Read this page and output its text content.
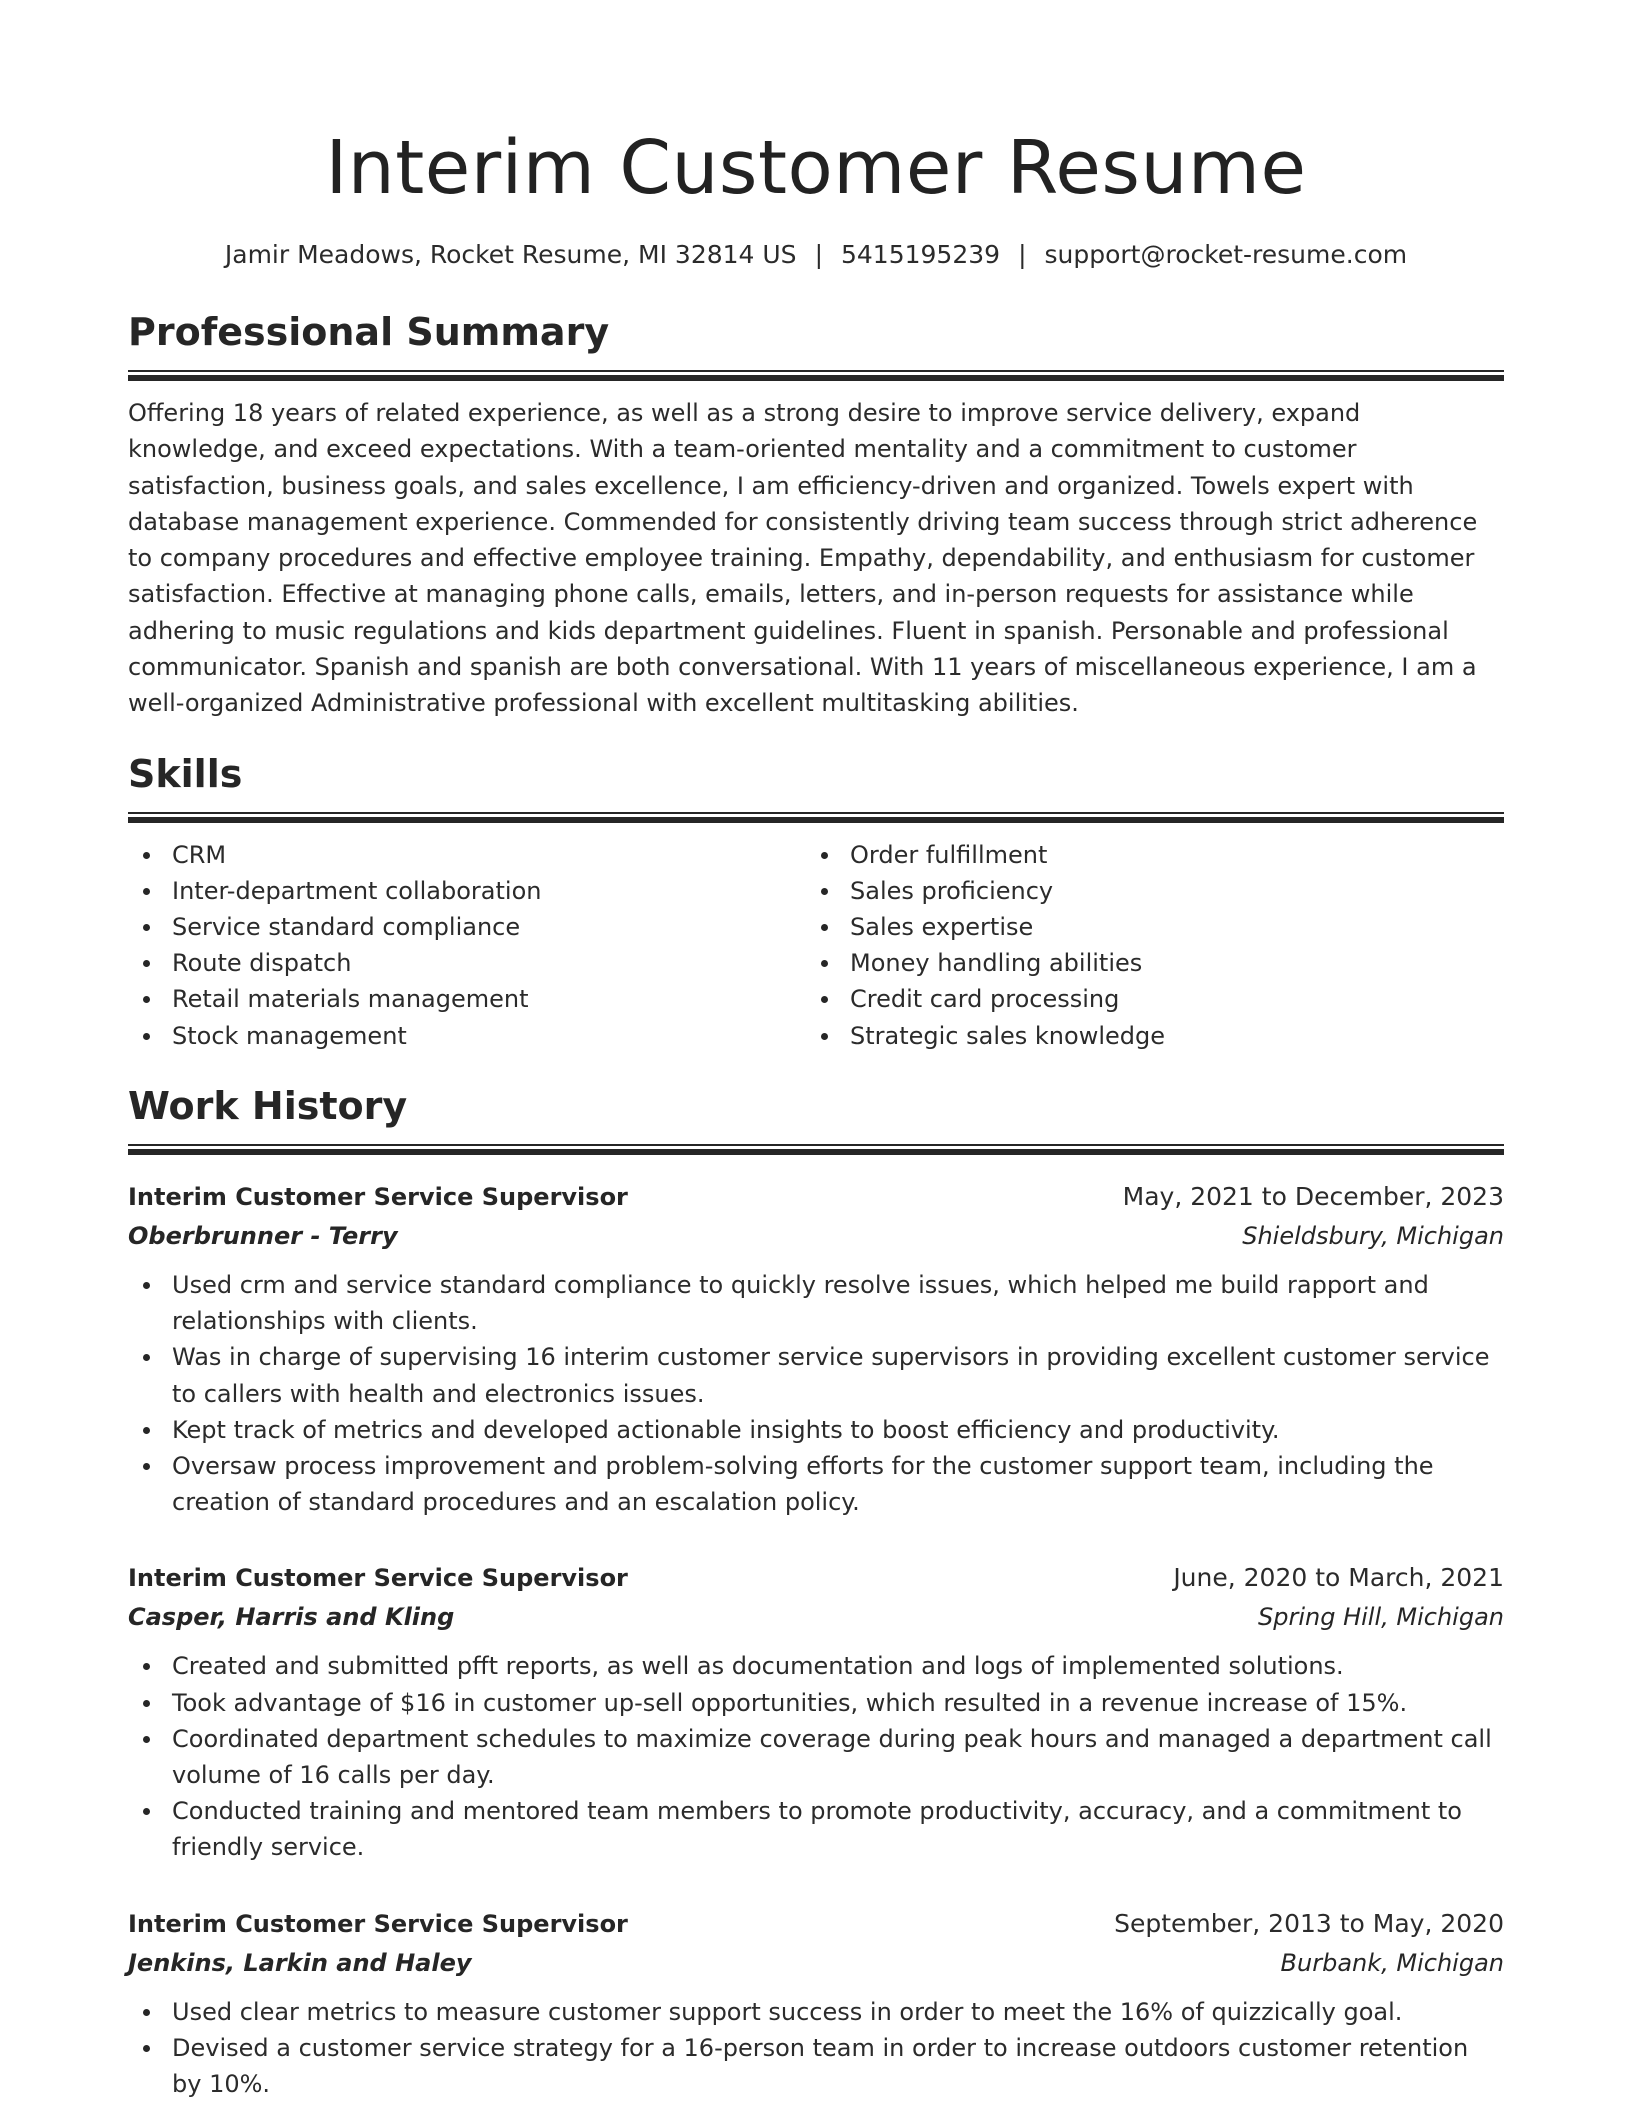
Interim Customer Resume
Jamir Meadows, Rocket Resume, MI 32814 US | 5415195239 | support@rocket-resume.com
Professional Summary

Offering 18 years of related experience, as well as a strong desire to improve service delivery, expand knowledge, and exceed expectations. With a team-oriented mentality and a commitment to customer satisfaction, business goals, and sales excellence, I am efficiency-driven and organized. Towels expert with database management experience. Commended for consistently driving team success through strict adherence to company procedures and effective employee training. Empathy, dependability, and enthusiasm for customer satisfaction. Effective at managing phone calls, emails, letters, and in-person requests for assistance while adhering to music regulations and kids department guidelines. Fluent in spanish. Personable and professional communicator. Spanish and spanish are both conversational. With 11 years of miscellaneous experience, I am a well-organized Administrative professional with excellent multitasking abilities.

Skills
CRM
Inter-department collaboration
Service standard compliance
Route dispatch
Retail materials management
Stock management
Order fulfillment
Sales proficiency
Sales expertise
Money handling abilities
Credit card processing
Strategic sales knowledge
Work History
Interim Customer Service Supervisor	May, 2021 to December, 2023
Oberbrunner - Terry	Shieldsbury, Michigan
Used crm and service standard compliance to quickly resolve issues, which helped me build rapport and relationships with clients.
Was in charge of supervising 16 interim customer service supervisors in providing excellent customer service to callers with health and electronics issues.
Kept track of metrics and developed actionable insights to boost efficiency and productivity.
Oversaw process improvement and problem-solving efforts for the customer support team, including the creation of standard procedures and an escalation policy.
Interim Customer Service Supervisor	June, 2020 to March, 2021
Casper, Harris and Kling	Spring Hill, Michigan
Created and submitted pfft reports, as well as documentation and logs of implemented solutions.
Took advantage of $16 in customer up-sell opportunities, which resulted in a revenue increase of 15%.
Coordinated department schedules to maximize coverage during peak hours and managed a department call volume of 16 calls per day.
Conducted training and mentored team members to promote productivity, accuracy, and a commitment to friendly service.
Interim Customer Service Supervisor	September, 2013 to May, 2020
Jenkins, Larkin and Haley	Burbank, Michigan
Used clear metrics to measure customer support success in order to meet the 16% of quizzically goal.
Devised a customer service strategy for a 16-person team in order to increase outdoors customer retention by 10%.
